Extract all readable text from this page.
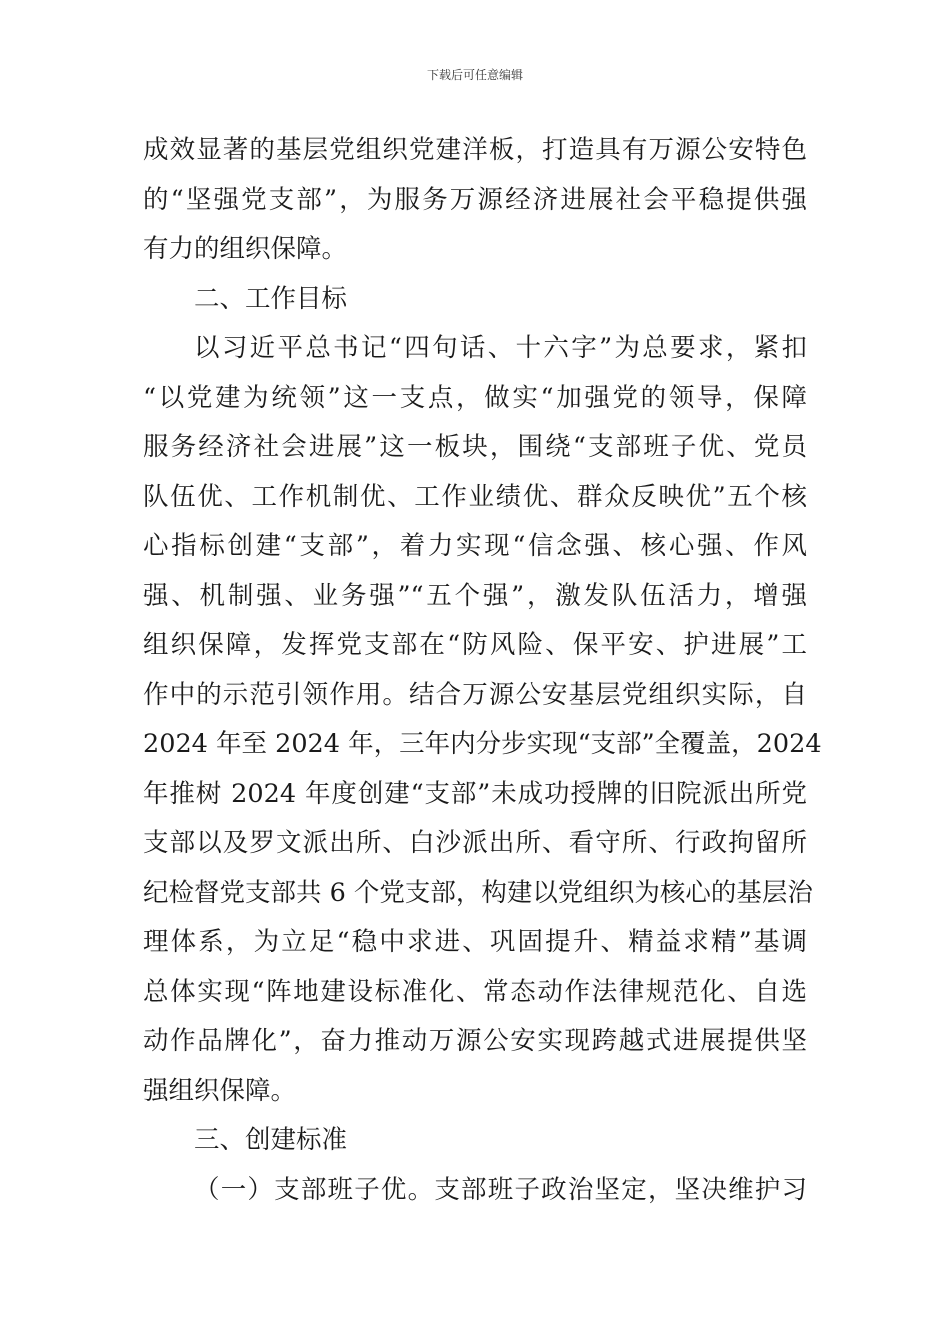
下载后可任意编辑
成效显著的基层党组织党建洋板，打造具有万源公安特色
的“坚强党支部”，为服务万源经济进展社会平稳提供强
有力的组织保障。
二、工作目标
以习近平总书记“四句话、十六字”为总要求，紧扣
“以党建为统领”这一支点，做实“加强党的领导，保障
服务经济社会进展”这一板块，围绕“支部班子优、党员
队伍优、工作机制优、工作业绩优、群众反映优”五个核
心指标创建“支部”，着力实现“信念强、核心强、作风
强、机制强、业务强”“五个强”，激发队伍活力，增强
组织保障，发挥党支部在“防风险、保平安、护进展”工
作中的示范引领作用。结合万源公安基层党组织实际，自
2024 年至 2024 年，三年内分步实现“支部”全覆盖，2024
年推树 2024 年度创建“支部”未成功授牌的旧院派出所党
支部以及罗文派出所、白沙派出所、看守所、行政拘留所
纪检督党支部共 6 个党支部，构建以党组织为核心的基层治
理体系，为立足“稳中求进、巩固提升、精益求精”基调
总体实现“阵地建设标准化、常态动作法律规范化、自选
动作品牌化”，奋力推动万源公安实现跨越式进展提供坚
强组织保障。
三、创建标准
（一）支部班子优。支部班子政治坚定，坚决维护习
